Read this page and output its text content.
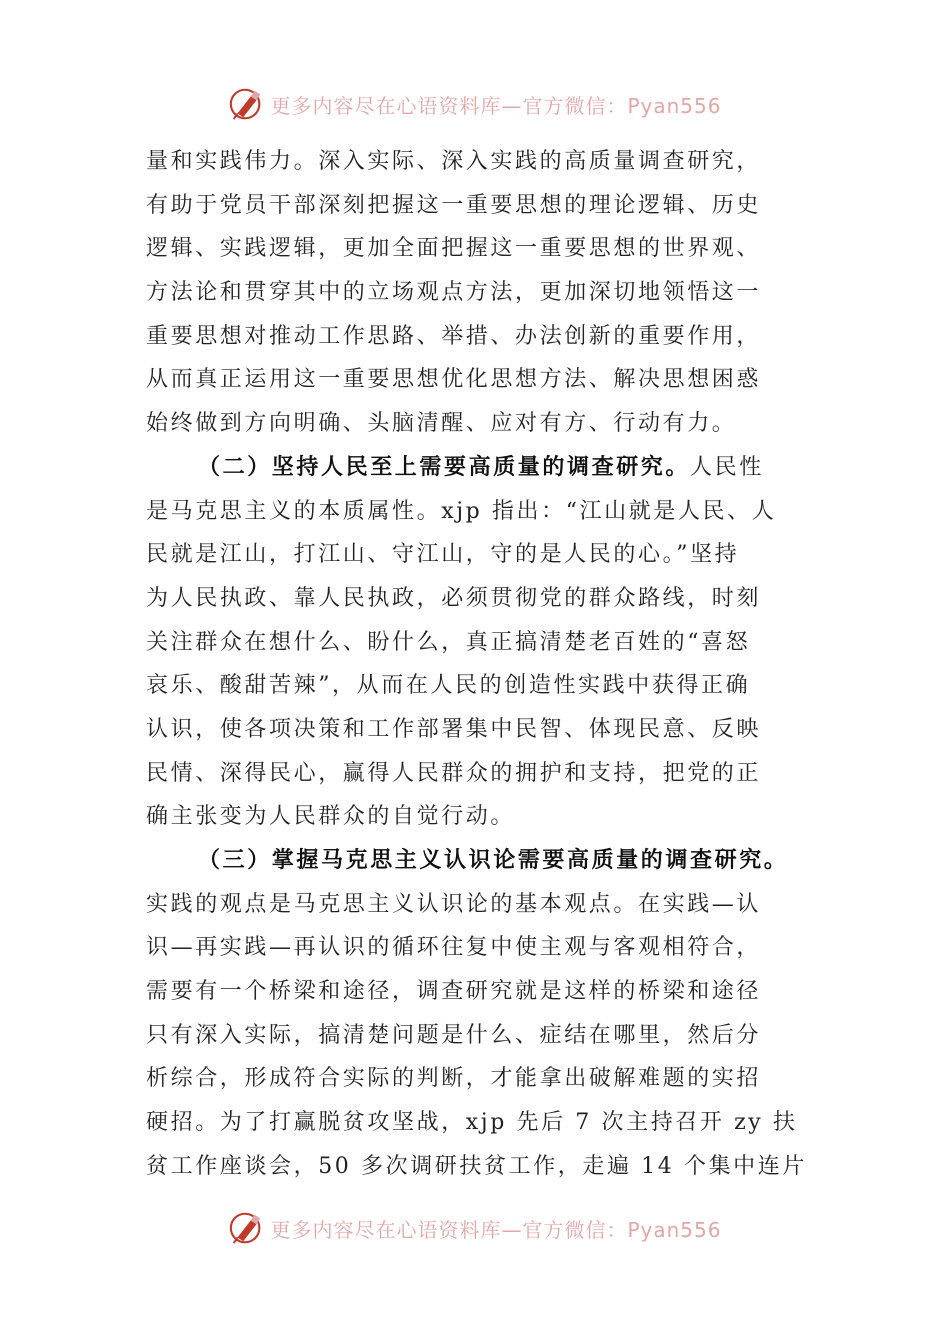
更多内容尽在心语资料库—官方微信：Pyan556
量和实践伟力。深入实际、深入实践的高质量调查研究，
有助于党员干部深刻把握这一重要思想的理论逻辑、历史
逻辑、实践逻辑，更加全面把握这一重要思想的世界观、
方法论和贯穿其中的立场观点方法，更加深切地领悟这一
重要思想对推动工作思路、举措、办法创新的重要作用，
从而真正运用这一重要思想优化思想方法、解决思想困惑
始终做到方向明确、头脑清醒、应对有方、行动有力。
（二）坚持人民至上需要高质量的调查研究。人民性
是马克思主义的本质属性。xjp 指出：“江山就是人民、人
民就是江山，打江山、守江山，守的是人民的心。”坚持
为人民执政、靠人民执政，必须贯彻党的群众路线，时刻
关注群众在想什么、盼什么，真正搞清楚老百姓的“喜怒
哀乐、酸甜苦辣”，从而在人民的创造性实践中获得正确
认识，使各项决策和工作部署集中民智、体现民意、反映
民情、深得民心，赢得人民群众的拥护和支持，把党的正
确主张变为人民群众的自觉行动。
（三）掌握马克思主义认识论需要高质量的调查研究。
实践的观点是马克思主义认识论的基本观点。在实践—认
识—再实践—再认识的循环往复中使主观与客观相符合，
需要有一个桥梁和途径，调查研究就是这样的桥梁和途径
只有深入实际，搞清楚问题是什么、症结在哪里，然后分
析综合，形成符合实际的判断，才能拿出破解难题的实招
硬招。为了打赢脱贫攻坚战，xjp 先后 7 次主持召开 zy 扶
贫工作座谈会，50 多次调研扶贫工作，走遍 14 个集中连片
更多内容尽在心语资料库—官方微信：Pyan556
